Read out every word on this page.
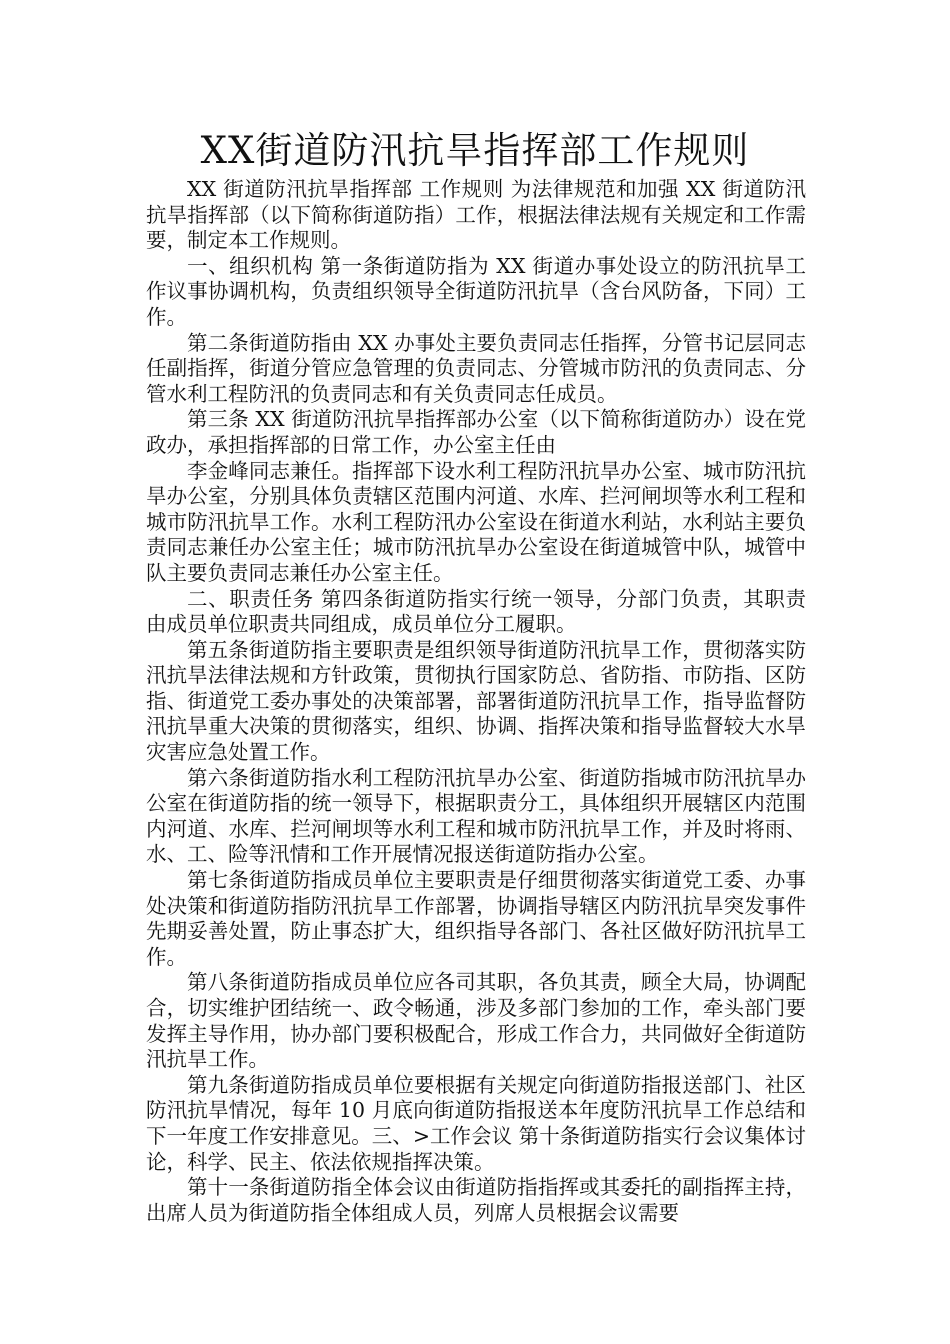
XX街道防汛抗旱指挥部工作规则

XX 街道防汛抗旱指挥部 工作规则 为法律规范和加强 XX 街道防汛抗旱指挥部（以下简称街道防指）工作，根据法律法规有关规定和工作需要，制定本工作规则。

一、组织机构 第一条街道防指为 XX 街道办事处设立的防汛抗旱工作议事协调机构，负责组织领导全街道防汛抗旱（含台风防备，下同）工作。

第二条街道防指由 XX 办事处主要负责同志任指挥，分管书记层同志任副指挥，街道分管应急管理的负责同志、分管城市防汛的负责同志、分管水利工程防汛的负责同志和有关负责同志任成员。

第三条 XX 街道防汛抗旱指挥部办公室（以下简称街道防办）设在党政办，承担指挥部的日常工作，办公室主任由

李金峰同志兼任。指挥部下设水利工程防汛抗旱办公室、城市防汛抗旱办公室，分别具体负责辖区范围内河道、水库、拦河闸坝等水利工程和城市防汛抗旱工作。水利工程防汛办公室设在街道水利站，水利站主要负责同志兼任办公室主任；城市防汛抗旱办公室设在街道城管中队，城管中队主要负责同志兼任办公室主任。

二、职责任务 第四条街道防指实行统一领导，分部门负责，其职责由成员单位职责共同组成，成员单位分工履职。

第五条街道防指主要职责是组织领导街道防汛抗旱工作，贯彻落实防汛抗旱法律法规和方针政策，贯彻执行国家防总、省防指、市防指、区防指、街道党工委办事处的决策部署，部署街道防汛抗旱工作，指导监督防汛抗旱重大决策的贯彻落实，组织、协调、指挥决策和指导监督较大水旱灾害应急处置工作。

第六条街道防指水利工程防汛抗旱办公室、街道防指城市防汛抗旱办公室在街道防指的统一领导下，根据职责分工，具体组织开展辖区内范围内河道、水库、拦河闸坝等水利工程和城市防汛抗旱工作，并及时将雨、水、工、险等汛情和工作开展情况报送街道防指办公室。

第七条街道防指成员单位主要职责是仔细贯彻落实街道党工委、办事处决策和街道防指防汛抗旱工作部署，协调指导辖区内防汛抗旱突发事件先期妥善处置，防止事态扩大，组织指导各部门、各社区做好防汛抗旱工作。

第八条街道防指成员单位应各司其职，各负其责，顾全大局，协调配合，切实维护团结统一、政令畅通，涉及多部门参加的工作，牵头部门要发挥主导作用，协办部门要积极配合，形成工作合力，共同做好全街道防汛抗旱工作。

第九条街道防指成员单位要根据有关规定向街道防指报送部门、社区防汛抗旱情况，每年 10 月底向街道防指报送本年度防汛抗旱工作总结和下一年度工作安排意见。三、>工作会议 第十条街道防指实行会议集体讨论，科学、民主、依法依规指挥决策。

第十一条街道防指全体会议由街道防指指挥或其委托的副指挥主持，出席人员为街道防指全体组成人员，列席人员根据会议需要
